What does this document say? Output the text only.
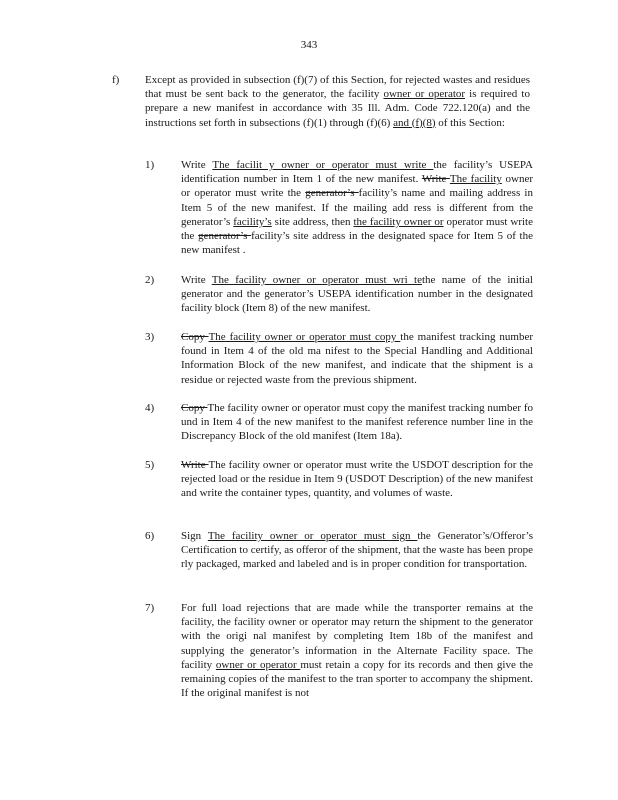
343
f) Except as provided in subsection (f)(7) of this Section, for rejected wastes and residues that must be sent back to the generator, the facility owner or operator is required to prepare a new manifest in accordance with 35 Ill. Adm. Code 722.120(a) and the instructions set forth in subsections (f)(1) through (f)(6) and (f)(8) of this Section:
1) Write The facilit y owner or operator must write the facility’s USEPA identification number in Item 1 of the new manifest. Write The facility owner or operator must write the generator’s facility’s name and mailing address in Item 5 of the new manifest. If the mailing add ress is different from the generator’s facility’s site address, then the facility owner or operator must write the generator’s facility’s site address in the designated space for Item 5 of the new manifest .
2) Write The facility owner or operator must wri tethe name of the initial generator and the generator’s USEPA identification number in the designated facility block (Item 8) of the new manifest.
3) Copy The facility owner or operator must copy the manifest tracking number found in Item 4 of the old ma nifest to the Special Handling and Additional Information Block of the new manifest, and indicate that the shipment is a residue or rejected waste from the previous shipment.
4) Copy The facility owner or operator must copy the manifest tracking number fo und in Item 4 of the new manifest to the manifest reference number line in the Discrepancy Block of the old manifest (Item 18a).
5) Write The facility owner or operator must write the USDOT description for the rejected load or the residue in Item 9 (USDOT Description) of the new manifest and write the container types, quantity, and volumes of waste.
6) Sign The facility owner or operator must sign the Generator’s/Offeror’s Certification to certify, as offeror of the shipment, that the waste has been prope rly packaged, marked and labeled and is in proper condition for transportation.
7) For full load rejections that are made while the transporter remains at the facility, the facility owner or operator may return the shipment to the generator with the origi nal manifest by completing Item 18b of the manifest and supplying the generator’s information in the Alternate Facility space. The facility owner or operator must retain a copy for its records and then give the remaining copies of the manifest to the tran sporter to accompany the shipment. If the original manifest is not
